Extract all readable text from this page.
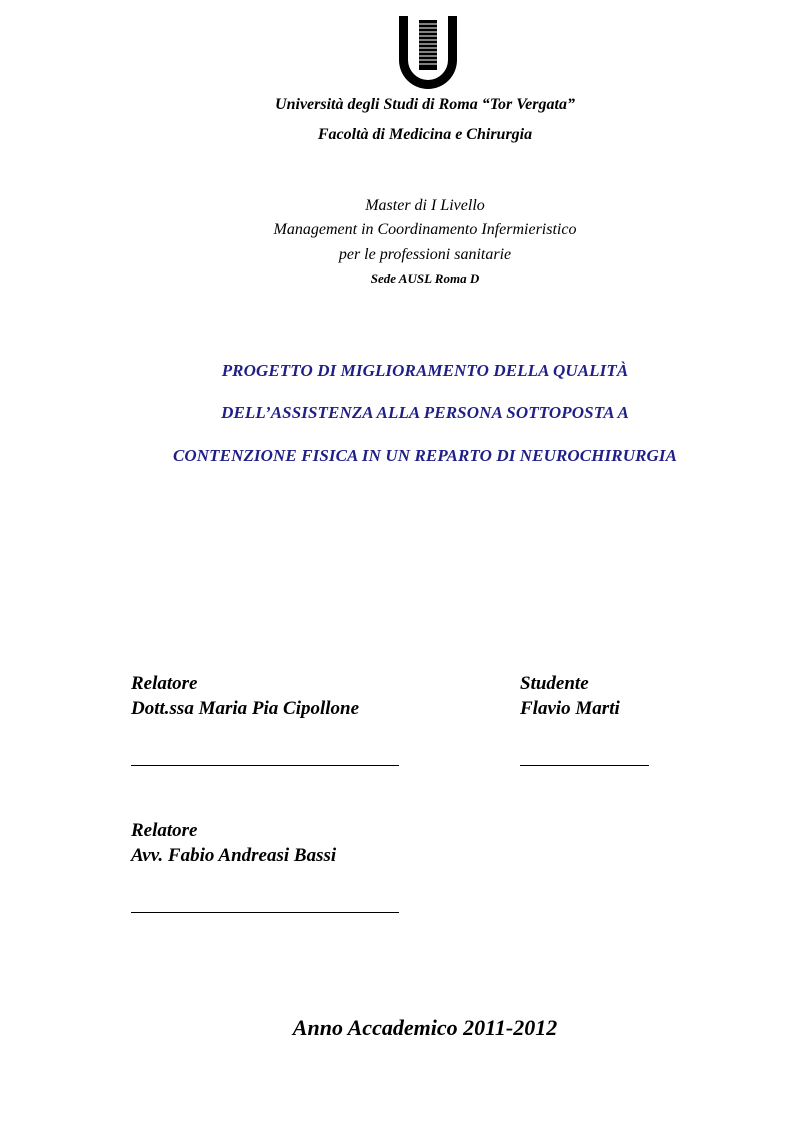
Università degli Studi di Roma “Tor Vergata”
Facoltà di Medicina e Chirurgia
Master di I Livello
Management in Coordinamento Infermieristico
per le professioni sanitarie
Sede AUSL Roma D
PROGETTO DI MIGLIORAMENTO DELLA QUALITÀ
DELL’ASSISTENZA ALLA PERSONA SOTTOPOSTA A
CONTENZIONE FISICA IN UN REPARTO DI NEUROCHIRURGIA
Relatore
Dott.ssa Maria Pia Cipollone
Studente
Flavio Marti
Relatore
Avv. Fabio Andreasi Bassi
Anno Accademico 2011-2012
